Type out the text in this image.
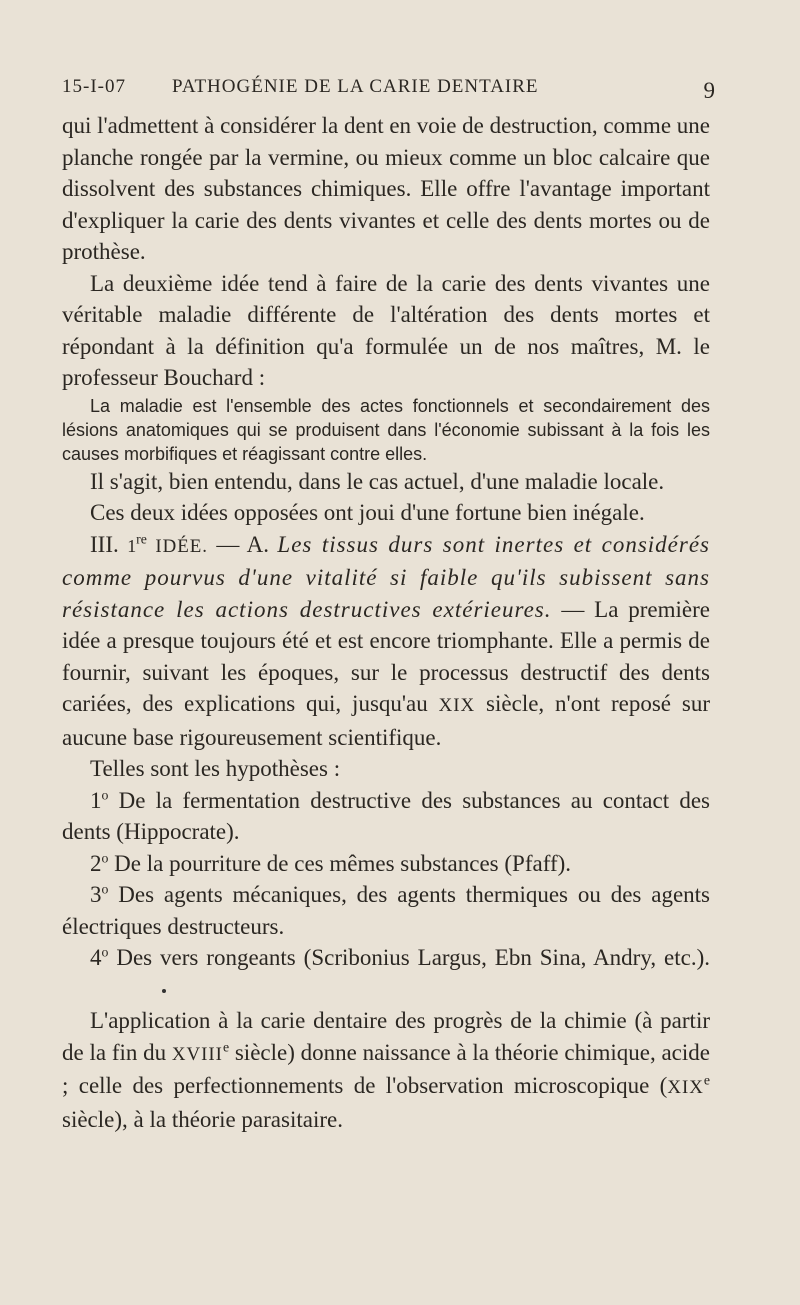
15-I-07 PATHOGÉNIE DE LA CARIE DENTAIRE	9

qui l'admettent à considérer la dent en voie de destruction, comme une planche rongée par la vermine, ou mieux comme un bloc calcaire que dissolvent des substances chimiques. Elle offre l'avantage important d'expliquer la carie des dents vivantes et celle des dents mortes ou de prothèse.

La deuxième idée tend à faire de la carie des dents vivantes une véritable maladie différente de l'altération des dents mortes et répondant à la définition qu'a formulée un de nos maîtres, M. le professeur Bouchard :

La maladie est l'ensemble des actes fonctionnels et secondairement des lésions anatomiques qui se produisent dans l'économie subissant à la fois les causes morbifiques et réagissant contre elles.

Il s'agit, bien entendu, dans le cas actuel, d'une maladie locale.

Ces deux idées opposées ont joui d'une fortune bien inégale.

III. 1re IDÉE. — A. Les tissus durs sont inertes et considérés comme pourvus d'une vitalité si faible qu'ils subissent sans résistance les actions destructives extérieures. — La première idée a presque toujours été et est encore triomphante. Elle a permis de fournir, suivant les époques, sur le processus destructif des dents cariées, des explications qui, jusqu'au XIX siècle, n'ont reposé sur aucune base rigoureusement scientifique.

Telles sont les hypothèses :

1$^o$ De la fermentation destructive des substances au contact des dents (Hippocrate).

2$^o$ De la pourriture de ces mêmes substances (Pfaff).

3$^o$ Des agents mécaniques, des agents thermiques ou des agents électriques destructeurs.

4$^o$ Des vers rongeants (Scribonius Largus, Ebn Sina, Andry, etc.).

L'application à la carie dentaire des progrès de la chimie (à partir de la fin du XVIIIe siècle) donne naissance à la théorie chimique, acide ; celle des perfectionnements de l'observation microscopique (XIXe siècle), à la théorie parasitaire.
